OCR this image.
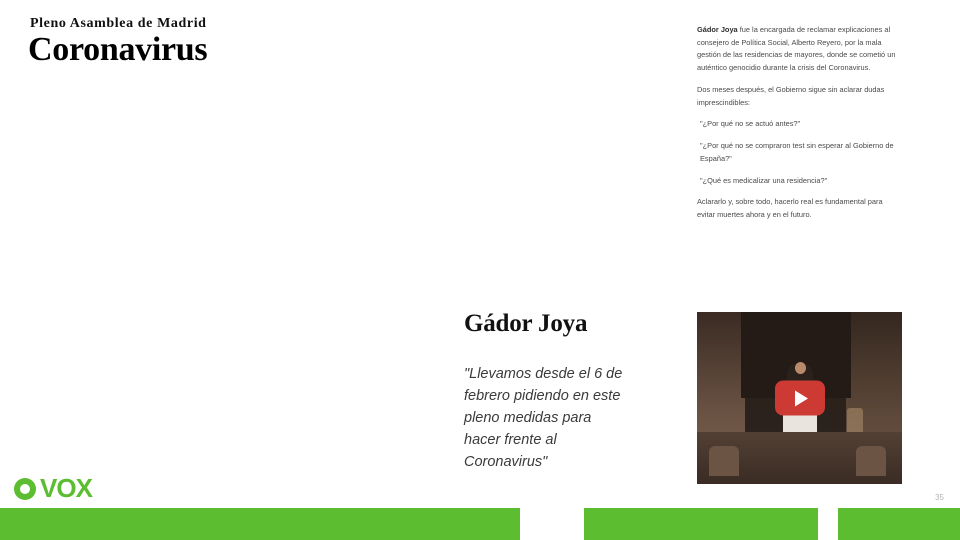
Pleno Asamblea de Madrid
Coronavirus

Gádor Joya fue la encargada de reclamar explicaciones al consejero de Política Social, Alberto Reyero, por la mala gestión de las residencias de mayores, donde se cometió un auténtico genocidio durante la crisis del Coronavirus.

Dos meses después, el Gobierno sigue sin aclarar dudas imprescindibles:

"¿Por qué no se actuó antes?"

"¿Por qué no se compraron test sin esperar al Gobierno de España?"

"¿Qué es medicalizar una residencia?"

Aclararlo y, sobre todo, hacerlo real es fundamental para evitar muertes ahora y en el futuro.

Gádor Joya
"Llevamos desde el 6 de febrero pidiendo en este pleno medidas para hacer frente al Coronavirus"
VOX	35
